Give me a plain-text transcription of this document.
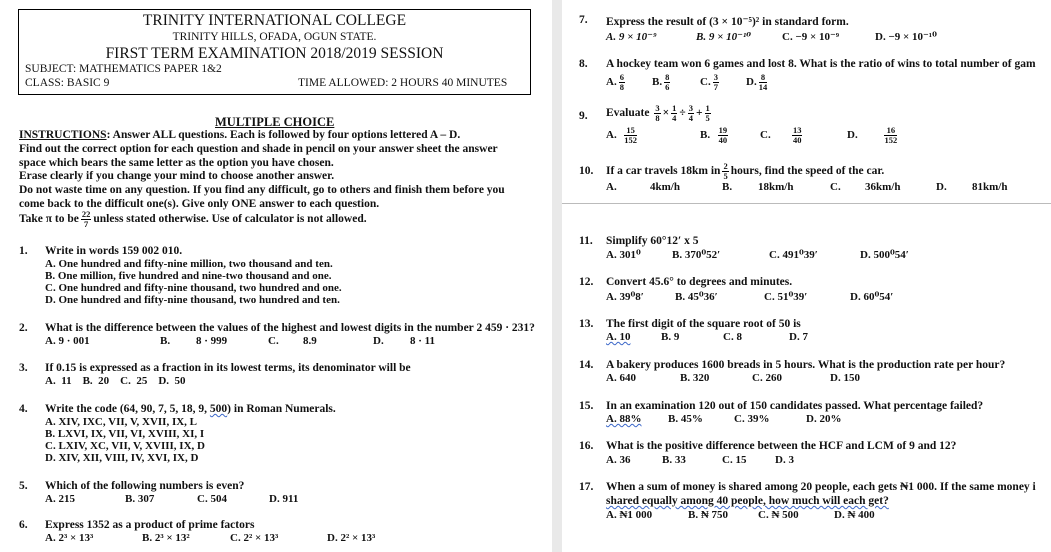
TRINITY INTERNATIONAL COLLEGE
TRINITY HILLS, OFADA, OGUN STATE.
FIRST TERM EXAMINATION 2018/2019 SESSION
SUBJECT: MATHEMATICS PAPER 1&2
CLASS: BASIC 9	TIME ALLOWED: 2 HOURS 40 MINUTES
MULTIPLE CHOICE
INSTRUCTIONS: Answer ALL questions. Each is followed by four options lettered A – D.
Find out the correct option for each question and shade in pencil on your answer sheet the answer
space which bears the same letter as the option you have chosen.
Erase clearly if you change your mind to choose another answer.
Do not waste time on any question. If you find any difficult, go to others and finish them before you
come back to the difficult one(s). Give only ONE answer to each question.
Take π to be $\frac{22}{7}$ unless stated otherwise. Use of calculator is not allowed.
1. Write in words 159 002 010.
A. One hundred and fifty-nine million, two thousand and ten.
B. One million, five hundred and nine-two thousand and one.
C. One hundred and fifty-nine thousand, two hundred and one.
D. One hundred and fifty-nine thousand, two hundred and ten.
2. What is the difference between the values of the highest and lowest digits in the number 2 459 · 231?
A. 9 · 001	B. 8 · 999	C. 8.9	D. 8 · 11
3. If 0.15 is expressed as a fraction in its lowest terms, its denominator will be
A.  11    B.  20    C.  25    D.  50
4. Write the code (64, 90, 7, 5, 18, 9, 500) in Roman Numerals.
A. XIV, IXC, VII, V, XVII, IX, L
B. LXVI, IX, VII, VI, XVIII, XI, I
C. LXIV, XC, VII, V, XVIII, IX, D
D. XIV, XII, VIII, IV, XVI, IX, D
5. Which of the following numbers is even?
A. 215	B. 307	C. 504	D. 911
6. Express 1352 as a product of prime factors
A. 2³ × 13³	B. 2³ × 13²	C. 2² × 13³	D. 2² × 13³
7. Express the result of (3 × 10⁻⁵)² in standard form.
A. 9 × 10⁻⁹	B. 9 × 10⁻¹⁰	C. −9 × 10⁻⁹	D. −9 × 10⁻¹⁰
8. A hockey team won 6 games and lost 8. What is the ratio of wins to total number of gam
A. $\frac{6}{8} B$. $\frac{8}{6}$	C. $\frac{3}{7} D$. $\frac{8}{14}$
9. Evaluate $\frac{3}{8} \times \frac{1}{4} \div \frac{3}{4} + \frac{1}{5}$
A. $\frac{15}{152}$	B. $\frac{19}{40}$	C.	$\frac{13}{40}$	D.	$\frac{16}{152}$
10. If a car travels 18km in $\frac{2}{5}$ hours, find the speed of the car.
A.	4km/h	B. 18km/h	C. 36km/h	D. 81km/h
11. Simplify 60°12′ x 5
A. 301⁰	B. 370⁰52′	C. 491⁰39′	D. 500⁰54′
12. Convert 45.6° to degrees and minutes.
A. 39⁰8′	B. 45⁰36′	C. 51⁰39′	D. 60⁰54′
13. The first digit of the square root of 50 is
A. 10	B. 9	C. 8	D. 7
14. A bakery produces 1600 breads in 5 hours. What is the production rate per hour?
A. 640	B. 320	C. 260	D. 150
15. In an examination 120 out of 150 candidates passed. What percentage failed?
A. 88% B. 45%	C. 39%	D. 20%
16. What is the positive difference between the HCF and LCM of 9 and 12?
A. 36	B. 33	C. 15	D. 3
17. When a sum of money is shared among 20 people, each gets ₦1 000. If the same money i
shared equally among 40 people, how much will each get?
A. ₦1 000	B. ₦ 750	C. ₦ 500	D. ₦ 400
